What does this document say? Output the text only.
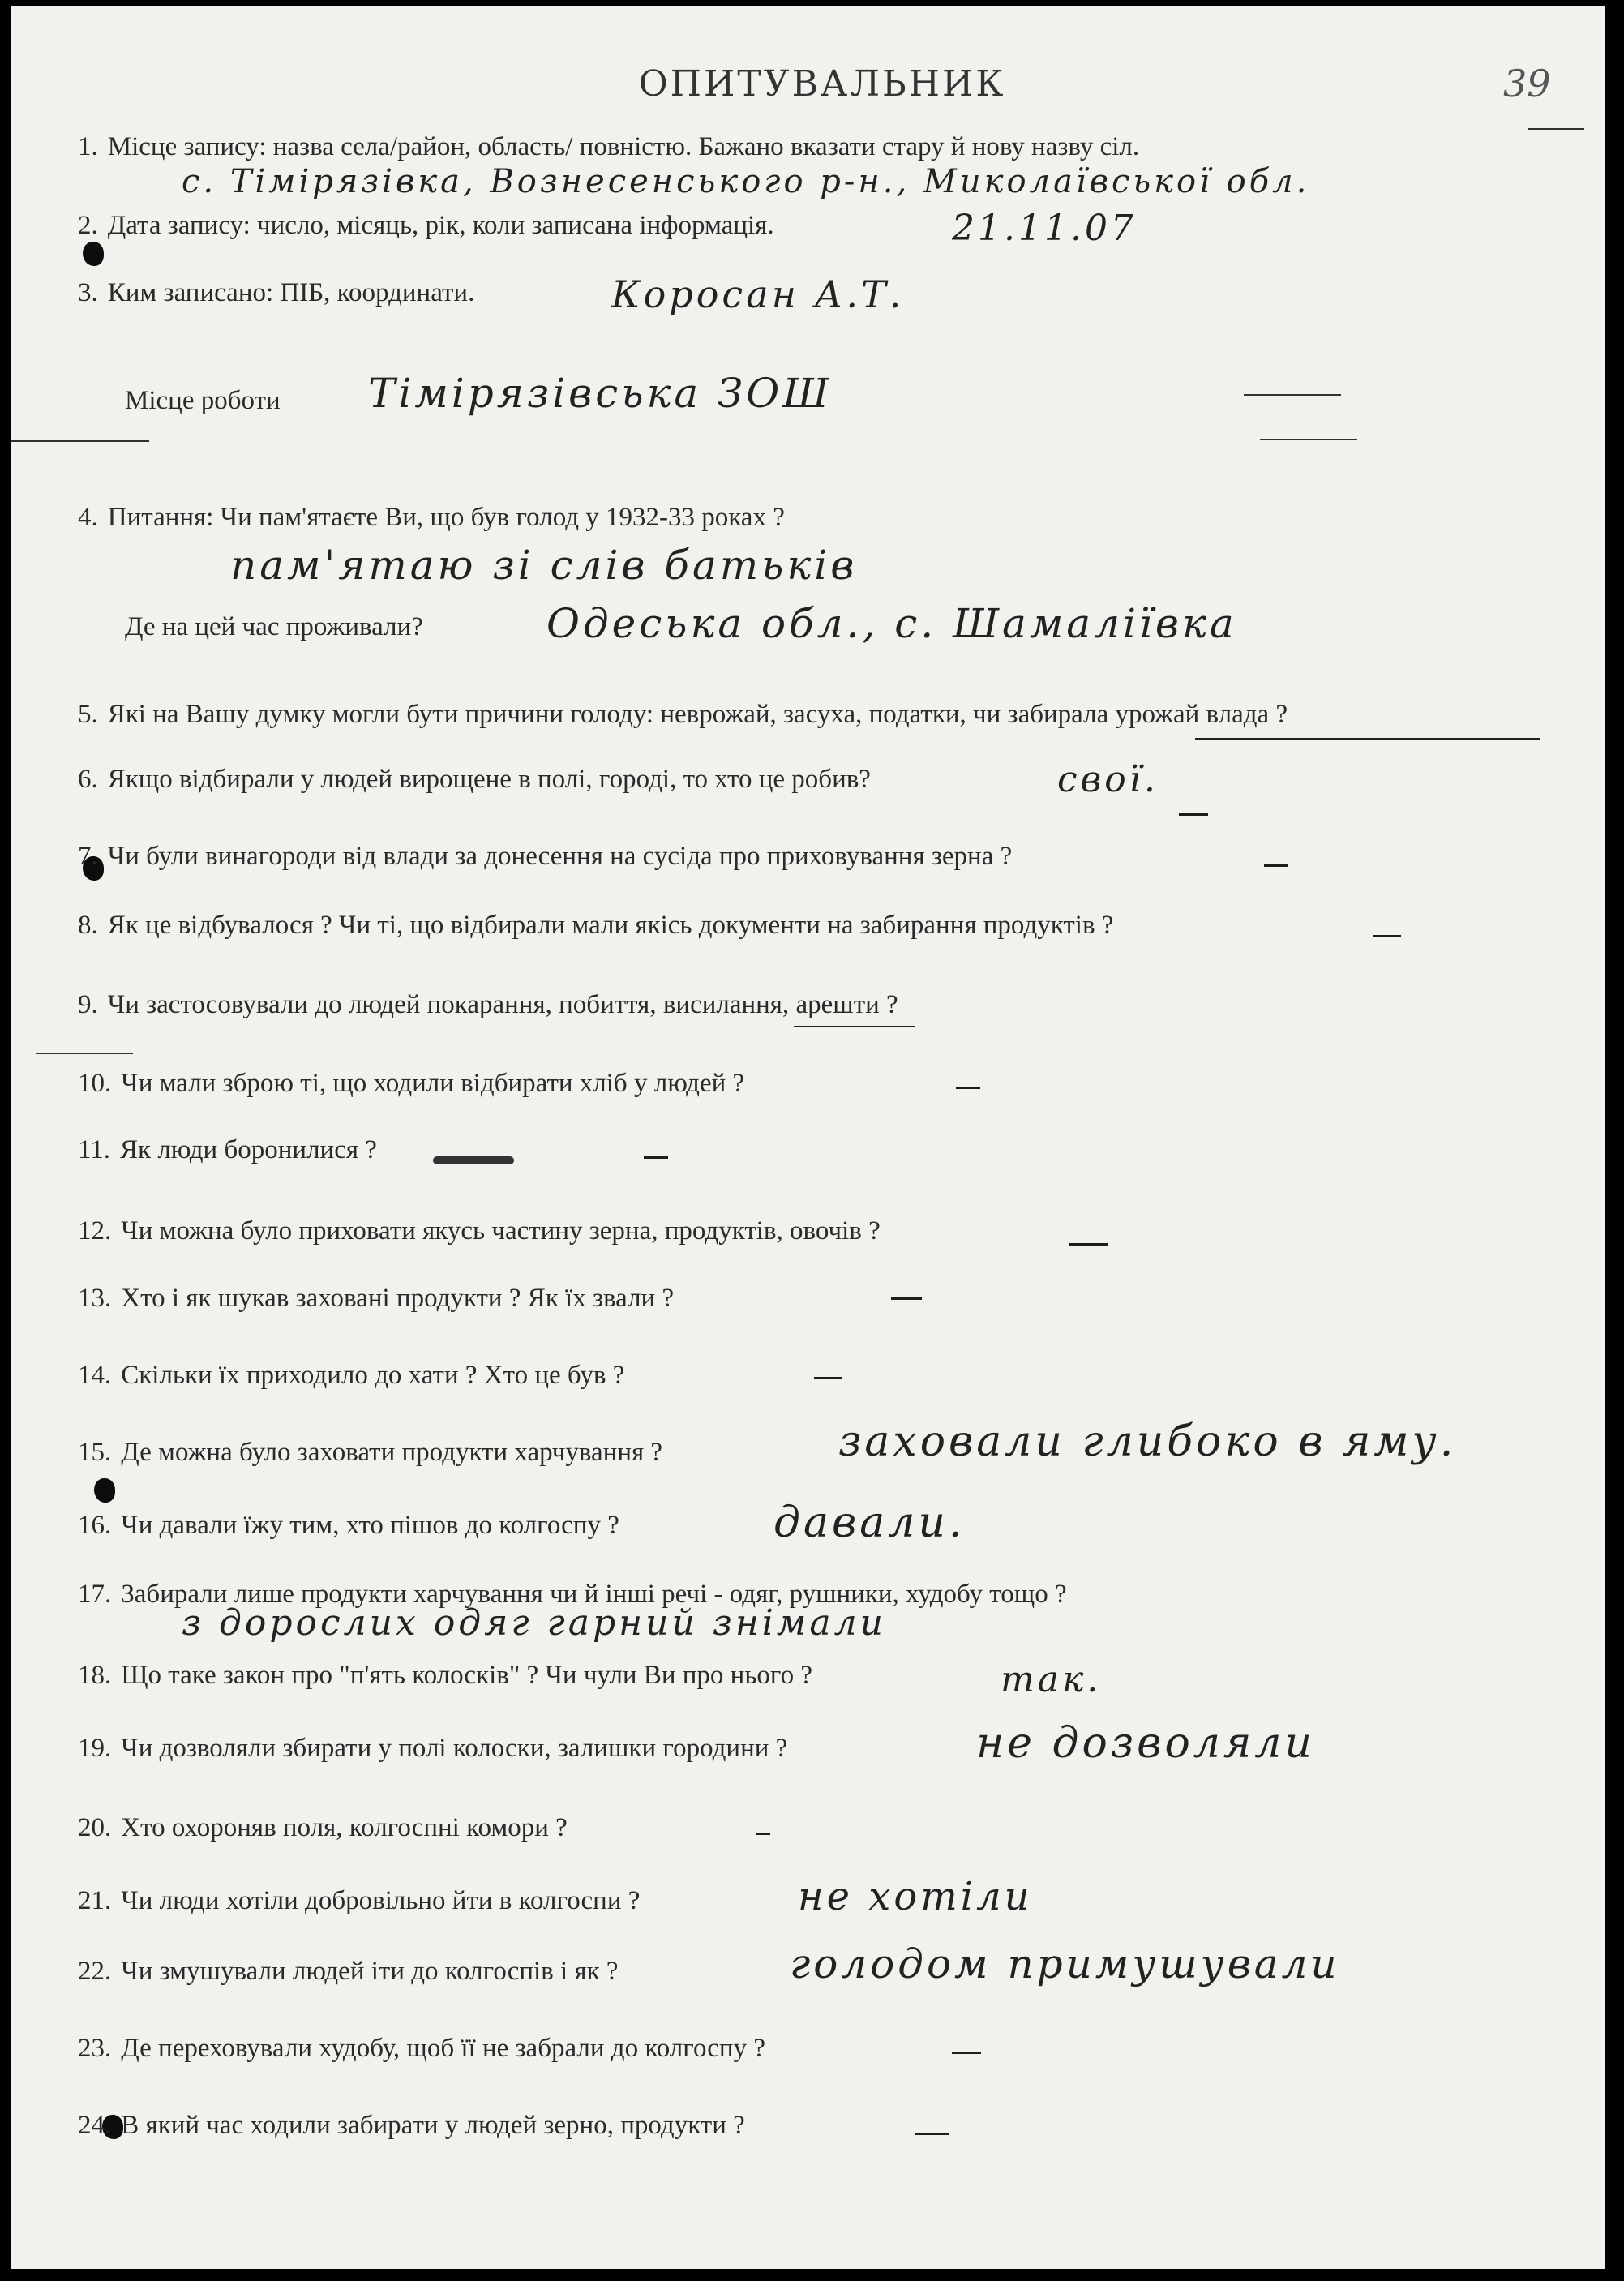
ОПИТУВАЛЬНИК	39
1. Місце запису: назва села/район, область/ повністю. Бажано вказати стару й нову назву сіл.
с. Тімірязівка, Вознесенського р-н., Миколаївської обл.
2. Дата запису: число, місяць, рік, коли записана інформація.	21.11.07
3. Ким записано: ПІБ, координати.	Коросан А.Т.
Місце роботи Тімірязівська ЗОШ
4. Питання: Чи пам'ятаєте Ви, що був голод у 1932-33 роках ?
пам'ятаю зі слів батьків
Де на цей час проживали?	Одеська обл., с. Шамаліївка
5. Які на Вашу думку могли бути причини голоду: неврожай, засуха, податки, чи забирала урожай влада ?
6. Якщо відбирали у людей вирощене в полі, городі, то хто це робив?	свої.
7. Чи були винагороди від влади за донесення на сусіда про приховування зерна ?
8. Як це відбувалося ? Чи ті, що відбирали мали якісь документи на забирання продуктів ?
9. Чи застосовували до людей покарання, побиття, висилання, арешти ?
10. Чи мали зброю ті, що ходили відбирати хліб у людей ?
11. Як люди боронилися ?
12. Чи можна було приховати якусь частину зерна, продуктів, овочів ?
13. Хто і як шукав заховані продукти ? Як їх звали ?
14. Скільки їх приходило до хати ? Хто це був ?
15. Де можна було заховати продукти харчування ?	заховали глибоко в яму.
16. Чи давали їжу тим, хто пішов до колгоспу ?	давали.
17. Забирали лише продукти харчування чи й інші речі - одяг, рушники, худобу тощо ?
з дорослих одяг гарний знімали
18. Що таке закон про "п'ять колосків" ? Чи чули Ви про нього ?	так.
19. Чи дозволяли збирати у полі колоски, залишки городини ?	не дозволяли
20. Хто охороняв поля, колгоспні комори ?
21. Чи люди хотіли добровільно йти в колгоспи ?	не хотіли
22. Чи змушували людей іти до колгоспів і як ?	голодом примушували
23. Де переховували худобу, щоб її не забрали до колгоспу ?
24. В який час ходили забирати у людей зерно, продукти ?
